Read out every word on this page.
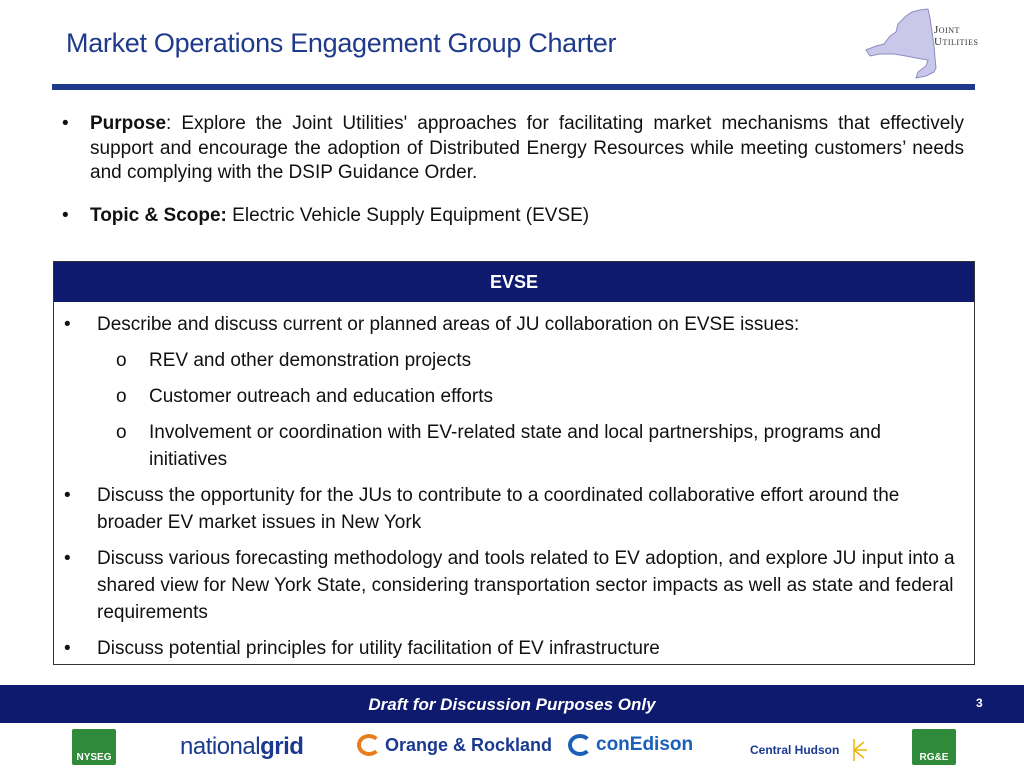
Market Operations Engagement Group Charter	Joint
Utilities
•	Purpose: Explore the Joint Utilities' approaches for facilitating market mechanisms that effectively support and encourage the adoption of Distributed Energy Resources while meeting customers’ needs and complying with the DSIP Guidance Order.
•	Topic & Scope: Electric Vehicle Supply Equipment (EVSE)
EVSE
•	Describe and discuss current or planned areas of JU collaboration on EVSE issues:
o	REV and other demonstration projects
o	Customer outreach and education efforts
o	Involvement or coordination with EV-related state and local partnerships, programs and initiatives
•	Discuss the opportunity for the JUs to contribute to a coordinated collaborative effort around the broader EV market issues in New York
•	Discuss various forecasting methodology and tools related to EV adoption, and explore JU input into a shared view for New York State, considering transportation sector impacts as well as state and federal requirements
•	Discuss potential principles for utility facilitation of EV infrastructure
Draft for Discussion Purposes Only	3
NYSEG	nationalgrid	Orange & Rockland conEdison	Central Hudson
RG&E
